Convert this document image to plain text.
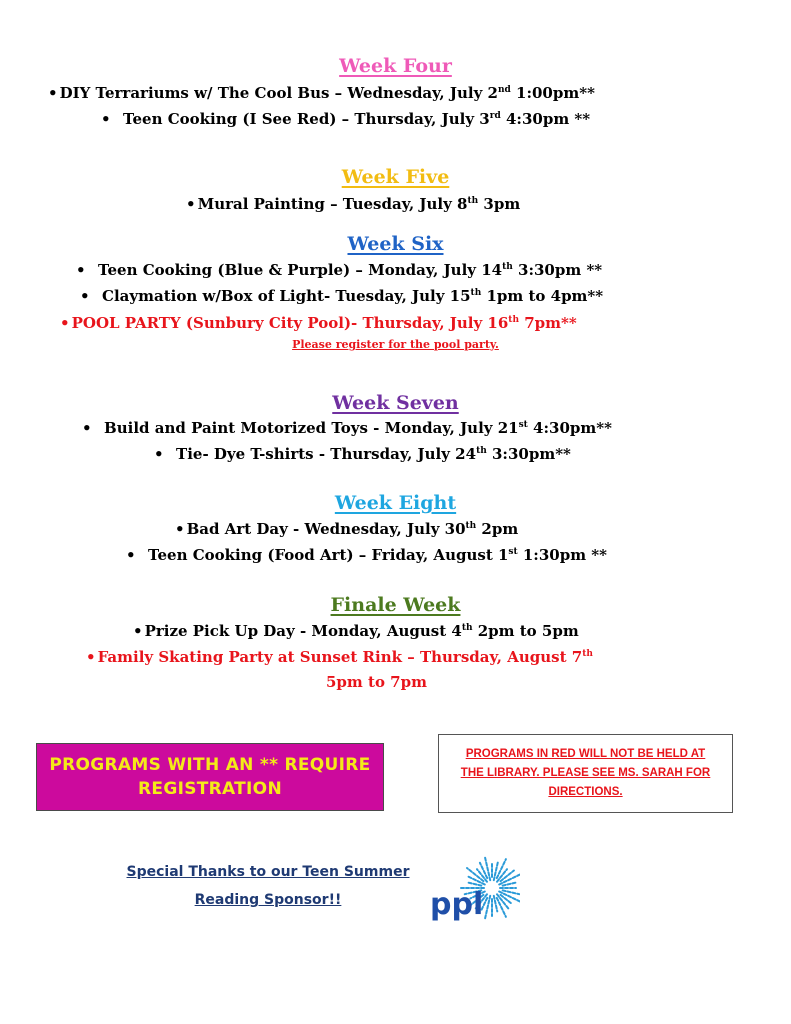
Week Four
• DIY Terrariums w/ The Cool Bus – Wednesday, July 2nd 1:00pm**
• Teen Cooking (I See Red) – Thursday, July 3rd 4:30pm **
Week Five
• Mural Painting – Tuesday, July 8th 3pm
Week Six
• Teen Cooking (Blue & Purple) – Monday, July 14th 3:30pm **
• Claymation w/Box of Light- Tuesday, July 15th 1pm to 4pm**
• POOL PARTY (Sunbury City Pool)- Thursday, July 16th 7pm**
Please register for the pool party.
Week Seven
• Build and Paint Motorized Toys - Monday, July 21st 4:30pm**
• Tie- Dye T-shirts - Thursday, July 24th 3:30pm**
Week Eight
• Bad Art Day - Wednesday, July 30th 2pm
• Teen Cooking (Food Art) – Friday, August 1st 1:30pm **
Finale Week
• Prize Pick Up Day - Monday, August 4th 2pm to 5pm
• Family Skating Party at Sunset Rink – Thursday, August 7th
5pm to 7pm
PROGRAMS WITH AN ** REQUIRE
REGISTRATION
PROGRAMS IN RED WILL NOT BE HELD AT
THE LIBRARY. PLEASE SEE MS. SARAH FOR
DIRECTIONS.
Special Thanks to our Teen Summer
Reading Sponsor!!	ppl
